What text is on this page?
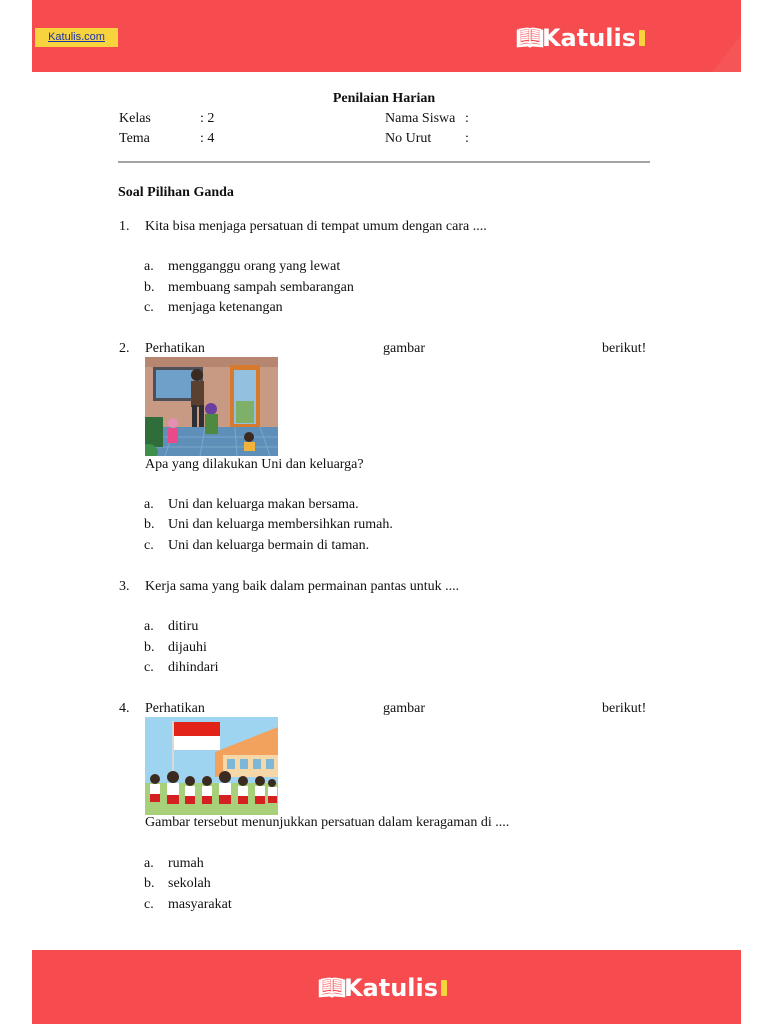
Katulis.com	📖︎ Katulis
Penilaian Harian
Kelas	: 2
Tema	: 4
Nama Siswa :
No Urut :
Soal Pilihan Ganda
1. Kita bisa menjaga persatuan di tempat umum dengan cara ....
a. mengganggu orang yang lewat
b. membuang sampah sembarangan
c. menjaga ketenangan
2. Perhatikan	gambar	berikut!
Apa yang dilakukan Uni dan keluarga?
a. Uni dan keluarga makan bersama.
b. Uni dan keluarga membersihkan rumah.
c. Uni dan keluarga bermain di taman.
3. Kerja sama yang baik dalam permainan pantas untuk ....
a. ditiru
b. dijauhi
c. dihindari
4. Perhatikan	gambar	berikut!
Gambar tersebut menunjukkan persatuan dalam keragaman di ....
a. rumah
b. sekolah
c. masyarakat
📖︎ Katulis
